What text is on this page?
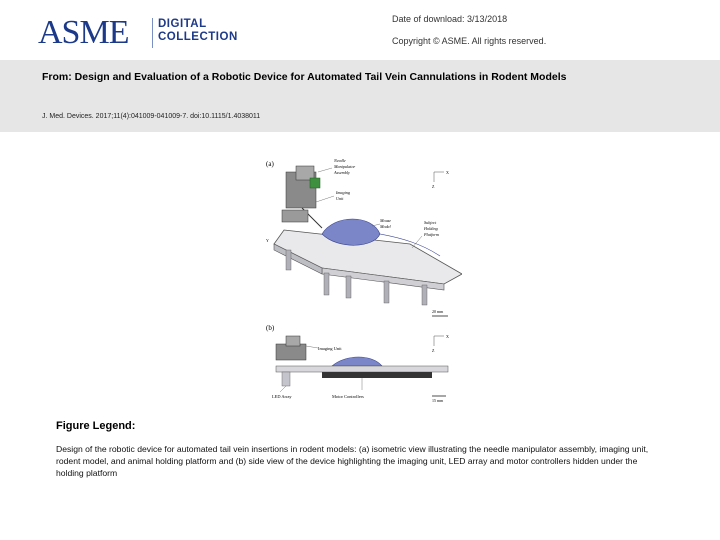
ASME	DIGITAL
COLLECTION
Date of download: 3/13/2018
Copyright © ASME. All rights reserved.
From: Design and Evaluation of a Robotic Device for Automated Tail Vein Cannulations in Rodent Models
J. Med. Devices. 2017;11(4):041009-041009-7. doi:10.1115/1.4038011
(a)
X
Z
Y
Needle
Manipulator
Assembly
Imaging
Unit
Mouse
Model
Subject
Holding
Platform
20 mm
(b)
X
Z
Imaging Unit
LED Array	Motor Controllers
15 mm
Figure Legend:
Design of the robotic device for automated tail vein insertions in rodent models: (a) isometric view illustrating the needle manipulator assembly, imaging unit, rodent model, and animal holding platform and (b) side view of the device highlighting the imaging unit, LED array and motor controllers hidden under the holding platform
